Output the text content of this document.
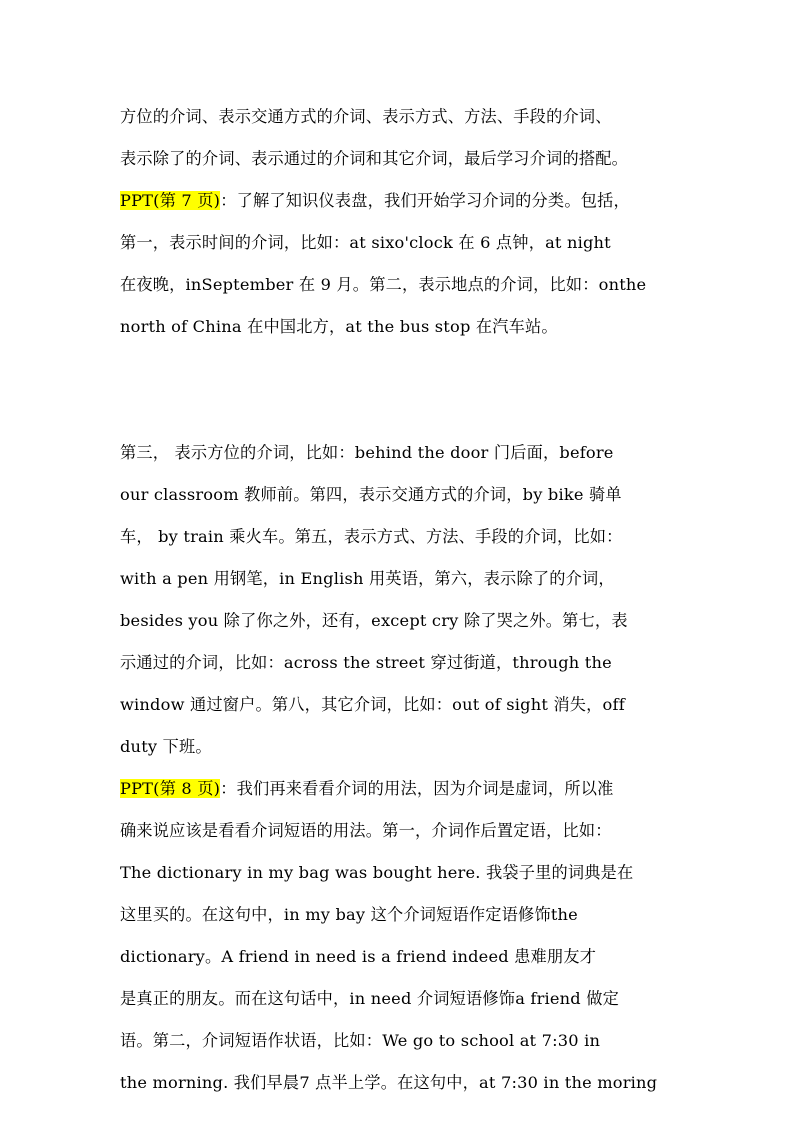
方位的介词、表示交通方式的介词、表示方式、方法、手段的介词、
表示除了的介词、表示通过的介词和其它介词，最后学习介词的搭配。
PPT(第 7 页)：了解了知识仪表盘，我们开始学习介词的分类。包括，
第一，表示时间的介词，比如：at sixo'clock 在 6 点钟，at night
在夜晚，inSeptember 在 9 月。第二，表示地点的介词，比如：onthe
north of China 在中国北方，at the bus stop 在汽车站。
第三， 表示方位的介词，比如：behind the door 门后面，before
our classroom 教师前。第四，表示交通方式的介词，by bike 骑单
车， by train 乘火车。第五，表示方式、方法、手段的介词，比如：
with a pen 用钢笔，in English 用英语，第六，表示除了的介词，
besides you 除了你之外，还有，except cry 除了哭之外。第七，表
示通过的介词，比如：across the street 穿过街道，through the
window 通过窗户。第八，其它介词，比如：out of sight 消失，off
duty 下班。
PPT(第 8 页)：我们再来看看介词的用法，因为介词是虚词，所以准
确来说应该是看看介词短语的用法。第一，介词作后置定语，比如：
The dictionary in my bag was bought here. 我袋子里的词典是在
这里买的。在这句中，in my bay 这个介词短语作定语修饰the
dictionary。A friend in need is a friend indeed 患难朋友才
是真正的朋友。而在这句话中，in need 介词短语修饰a friend 做定
语。第二，介词短语作状语，比如：We go to school at 7:30 in
the morning. 我们早晨7 点半上学。在这句中，at 7:30 in the moring
